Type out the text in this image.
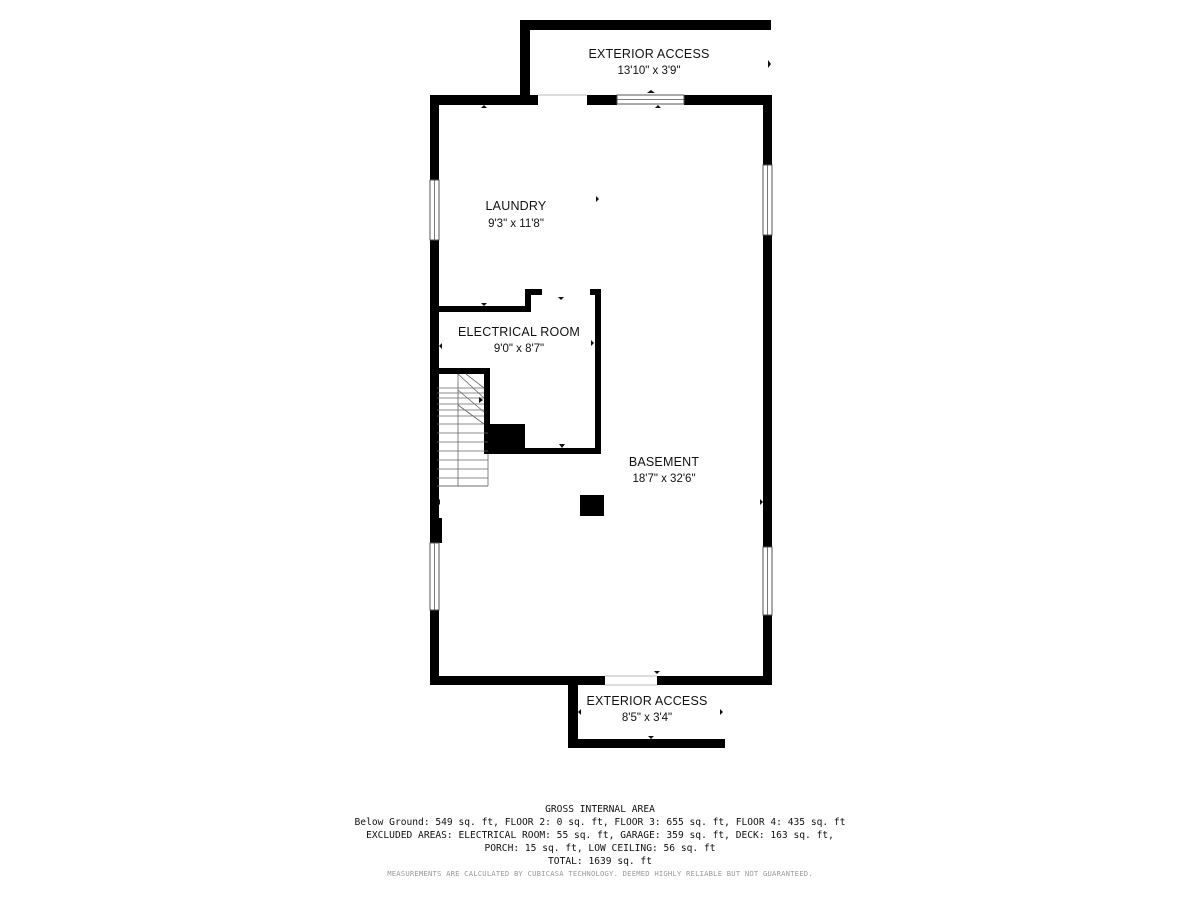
EXTERIOR ACCESS
13'10" x 3'9"
LAUNDRY
9'3" x 11'8"
ELECTRICAL ROOM
9'0" x 8'7"
BASEMENT
18'7" x 32'6"
EXTERIOR ACCESS
8'5" x 3'4"
GROSS INTERNAL AREA
Below Ground: 549 sq. ft, FLOOR 2: 0 sq. ft, FLOOR 3: 655 sq. ft, FLOOR 4: 435 sq. ft
EXCLUDED AREAS: ELECTRICAL ROOM: 55 sq. ft, GARAGE: 359 sq. ft, DECK: 163 sq. ft,
PORCH: 15 sq. ft, LOW CEILING: 56 sq. ft
TOTAL: 1639 sq. ft
MEASUREMENTS ARE CALCULATED BY CUBICASA TECHNOLOGY. DEEMED HIGHLY RELIABLE BUT NOT GUARANTEED.
